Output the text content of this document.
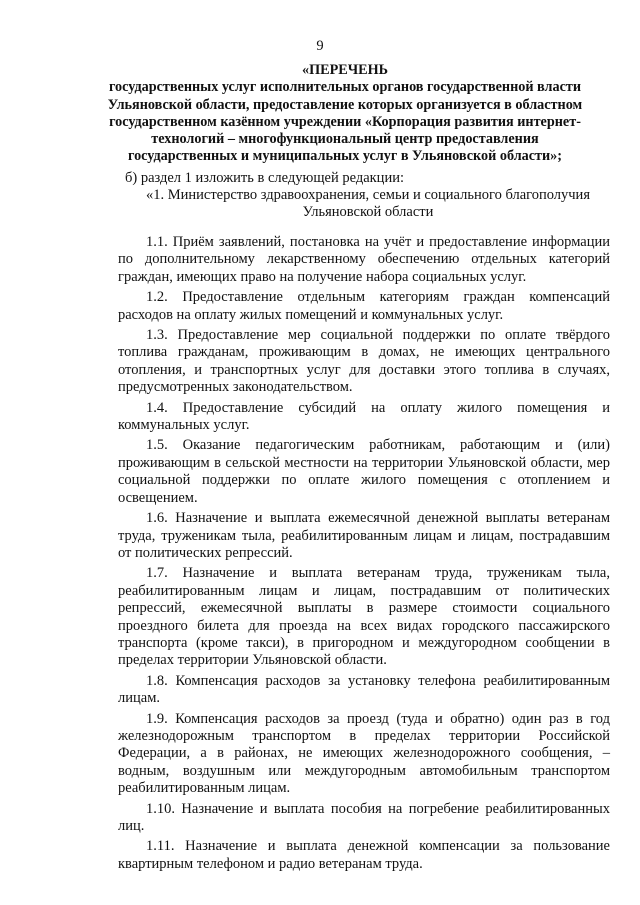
9
«ПЕРЕЧЕНЬ
государственных услуг исполнительных органов государственной власти
Ульяновской области, предоставление которых организуется в областном
государственном казённом учреждении «Корпорация развития интернет-
технологий – многофункциональный центр предоставления
государственных и муниципальных услуг в Ульяновской области»;
б) раздел 1 изложить в следующей редакции:
«1. Министерство здравоохранения, семьи и социального благополучия
Ульяновской области

1.1. Приём заявлений, постановка на учёт и предоставление информации по дополнительному лекарственному обеспечению отдельных категорий граждан, имеющих право на получение набора социальных услуг.

1.2. Предоставление отдельным категориям граждан компенсаций расходов на оплату жилых помещений и коммунальных услуг.

1.3. Предоставление мер социальной поддержки по оплате твёрдого топлива гражданам, проживающим в домах, не имеющих центрального отопления, и транспортных услуг для доставки этого топлива в случаях, предусмотренных законодательством.

1.4. Предоставление субсидий на оплату жилого помещения и коммунальных услуг.

1.5. Оказание педагогическим работникам, работающим и (или) проживающим в сельской местности на территории Ульяновской области, мер социальной поддержки по оплате жилого помещения с отоплением и освещением.

1.6. Назначение и выплата ежемесячной денежной выплаты ветеранам труда, труженикам тыла, реабилитированным лицам и лицам, пострадавшим от политических репрессий.

1.7. Назначение и выплата ветеранам труда, труженикам тыла, реабилитированным лицам и лицам, пострадавшим от политических репрессий, ежемесячной выплаты в размере стоимости социального проездного билета для проезда на всех видах городского пассажирского транспорта (кроме такси), в пригородном и междугородном сообщении в пределах территории Ульяновской области.

1.8. Компенсация расходов за установку телефона реабилитированным лицам.

1.9. Компенсация расходов за проезд (туда и обратно) один раз в год железнодорожным транспортом в пределах территории Российской Федерации, а в районах, не имеющих железнодорожного сообщения, – водным, воздушным или междугородным автомобильным транспортом реабилитированным лицам.

1.10. Назначение и выплата пособия на погребение реабилитированных лиц.

1.11. Назначение и выплата денежной компенсации за пользование квартирным телефоном и радио ветеранам труда.
